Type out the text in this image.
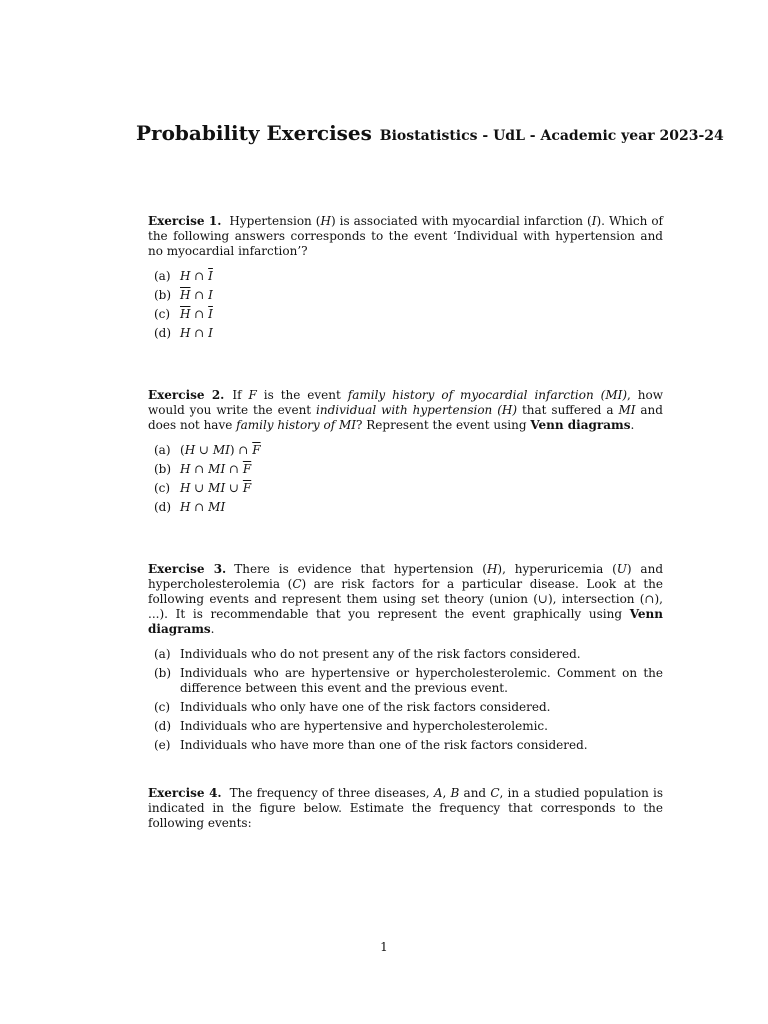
Probability Exercises Biostatistics - UdL - Academic year 2023-24
Exercise 1. Hypertension (H) is associated with myocardial infarction (I). Which of the following answers corresponds to the event ‘Individual with hypertension and no myocardial infarction’?
(a) H ∩ $\overline{I}$
(b) $\overline{H}$ ∩ I
(c) $\overline{H}$ ∩ $\overline{I}$
(d) H ∩ I
Exercise 2. If F is the event family history of myocardial infarction (MI), how would you write the event individual with hypertension (H) that suffered a MI and does not have family history of MI? Represent the event using Venn diagrams.
(a) (H ∪ MI) ∩ $\overline{F}$
(b) H ∩ MI ∩ $\overline{F}$
(c) H ∪ MI ∪ $\overline{F}$
(d) H ∩ MI
Exercise 3. There is evidence that hypertension (H), hyperuricemia (U) and hypercholesterolemia (C) are risk factors for a particular disease. Look at the following events and represent them using set theory (union (∪), intersection (∩), ...). It is recommendable that you represent the event graphically using Venn diagrams.
(a) Individuals who do not present any of the risk factors considered.
(b) Individuals who are hypertensive or hypercholesterolemic. Comment on the difference between this event and the previous event.
(c) Individuals who only have one of the risk factors considered.
(d) Individuals who are hypertensive and hypercholesterolemic.
(e) Individuals who have more than one of the risk factors considered.
Exercise 4. The frequency of three diseases, A, B and C, in a studied population is indicated in the figure below. Estimate the frequency that corresponds to the following events:
1
